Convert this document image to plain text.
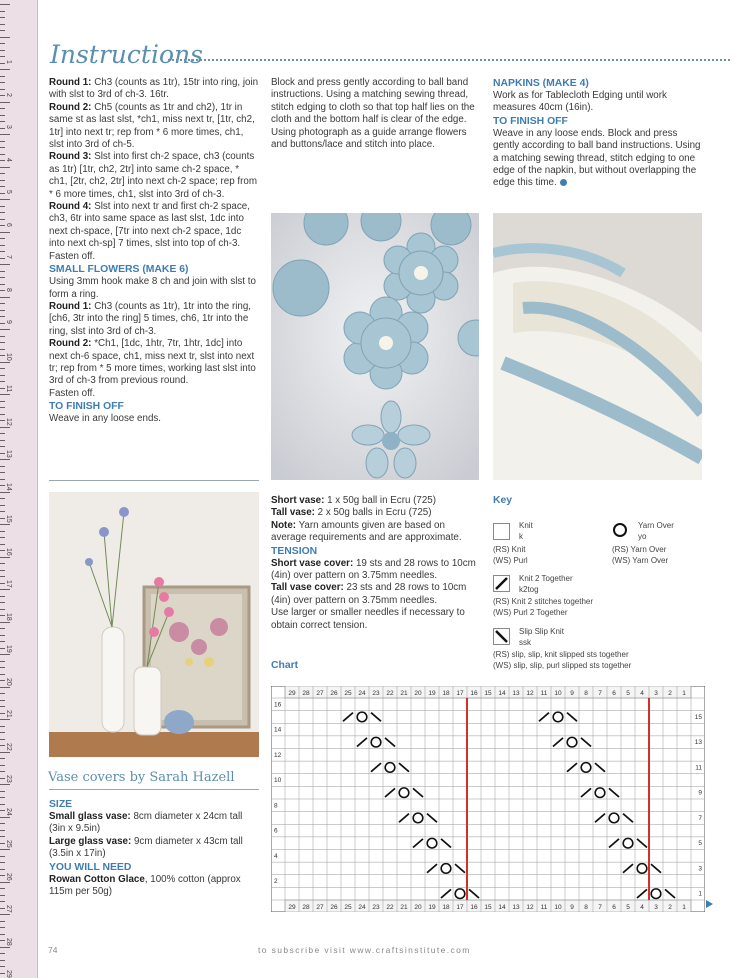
1
2
3
4
5
6
7
8
9
10
11
12
13
14
15
16
17
18
19
20
21
22
23
24
25
26
27
28
29
Instructions

Round 1: Ch3 (counts as 1tr), 15tr into ring, join with slst to 3rd of ch-3. 16tr.

Round 2: Ch5 (counts as 1tr and ch2), 1tr in same st as last slst, *ch1, miss next tr, [1tr, ch2, 1tr] into next tr; rep from * 6 more times, ch1, slst into 3rd of ch-5.

Round 3: Slst into first ch-2 space, ch3 (counts as 1tr) [1tr, ch2, 2tr] into same ch-2 space, * ch1, [2tr, ch2, 2tr] into next ch-2 space; rep from * 6 more times, ch1, slst into 3rd of ch-3.

Round 4: Slst into next tr and first ch-2 space, ch3, 6tr into same space as last slst, 1dc into next ch-space, [7tr into next ch-2 space, 1dc into next ch-sp] 7 times, slst into top of ch-3.

Fasten off.

SMALL FLOWERS (MAKE 6)

Using 3mm hook make 8 ch and join with slst to form a ring.

Round 1: Ch3 (counts as 1tr), 1tr into the ring, [ch6, 3tr into the ring] 5 times, ch6, 1tr into the ring, slst into 3rd of ch-3.

Round 2: *Ch1, [1dc, 1htr, 7tr, 1htr, 1dc] into next ch-6 space, ch1, miss next tr, slst into next tr; rep from * 5 more times, working last slst into 3rd of ch-3 from previous round.

Fasten off.

TO FINISH OFF

Weave in any loose ends.

Block and press gently according to ball band instructions. Using a matching sewing thread, stitch edging to cloth so that top half lies on the cloth and the bottom half is clear of the edge. Using photograph as a guide arrange flowers and buttons/lace and stitch into place.

NAPKINS (MAKE 4)

Work as for Tablecloth Edging until work measures 40cm (16in).

TO FINISH OFF

Weave in any loose ends. Block and press gently according to ball band instructions. Using a matching sewing thread, stitch edging to one edge of the napkin, but without overlapping the edge this time.

Vase covers by Sarah Hazell

SIZE

Small glass vase: 8cm diameter x 24cm tall (3in x 9.5in)

Large glass vase: 9cm diameter x 43cm tall (3.5in x 17in)

YOU WILL NEED

Rowan Cotton Glace, 100% cotton (approx 115m per 50g)

Short vase: 1 x 50g ball in Ecru (725)

Tall vase: 2 x 50g balls in Ecru (725)

Note: Yarn amounts given are based on average requirements and are approximate.

TENSION

Short vase cover: 19 sts and 28 rows to 10cm (4in) over pattern on 3.75mm needles.

Tall vase cover: 23 sts and 28 rows to 10cm (4in) over pattern on 3.75mm needles.

Use larger or smaller needles if necessary to obtain correct tension.

Key
Knit
k
(RS) Knit
(WS) Purl
Yarn Over
yo
(RS) Yarn Over
(WS) Yarn Over
Knit 2 Together
k2tog
(RS) Knit 2 stitches together
(WS) Purl 2 Together
Slip Slip Knit
ssk
(RS) slip, slip, knit slipped sts together
(WS) slip, slip, purl slipped sts together
Chart
29
29
28
28
27
27
26
26
25
25
24
24
23
23
22
22
21
21
20
20
19
19
18
18
17
17
16
16
15
15
14
14
13
13
12
12
11
11
10
10
9
9
8
8
7
7
6
6
5
5
4
4
3
3
2
2
1
1
16
14
12
10
8
6
4
2
15
13
11
9
7
5
3
1
74	to subscribe visit www.craftsinstitute.com
